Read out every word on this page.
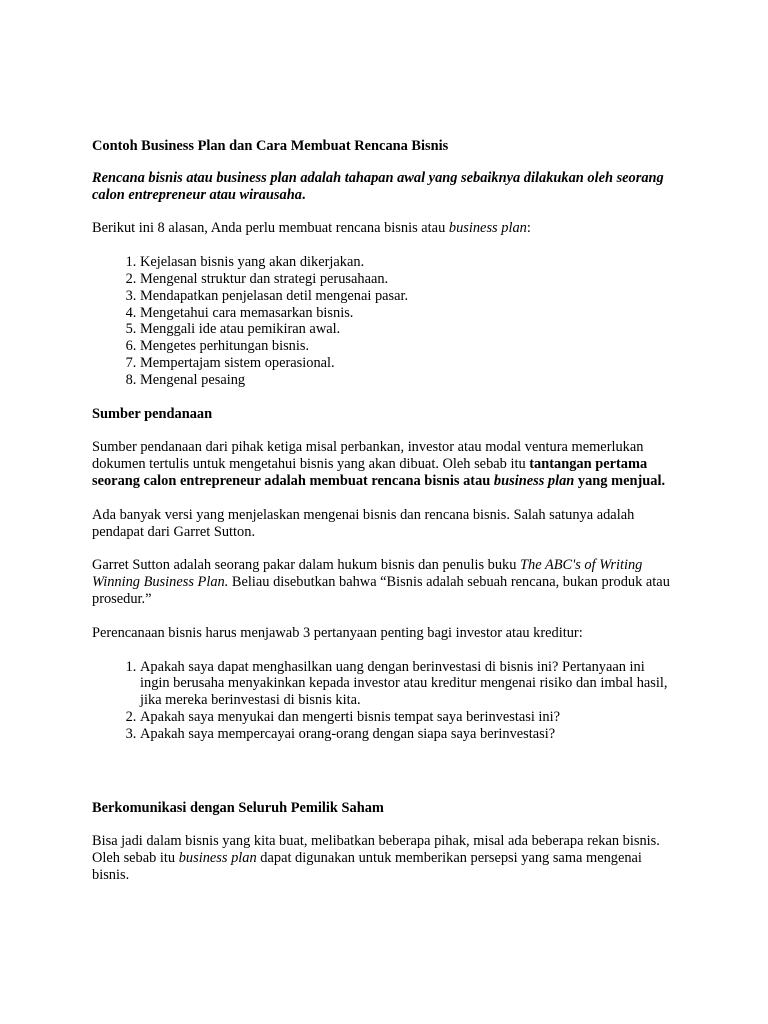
Contoh Business Plan dan Cara Membuat Rencana Bisnis

Rencana bisnis atau business plan adalah tahapan awal yang sebaiknya dilakukan oleh seorang calon entrepreneur atau wirausaha.

Berikut ini 8 alasan, Anda perlu membuat rencana bisnis atau business plan:

1. Kejelasan bisnis yang akan dikerjakan.
2. Mengenal struktur dan strategi perusahaan.
3. Mendapatkan penjelasan detil mengenai pasar.
4. Mengetahui cara memasarkan bisnis.
5. Menggali ide atau pemikiran awal.
6. Mengetes perhitungan bisnis.
7. Mempertajam sistem operasional.
8. Mengenal pesaing

Sumber pendanaan

Sumber pendanaan dari pihak ketiga misal perbankan, investor atau modal ventura memerlukan dokumen tertulis untuk mengetahui bisnis yang akan dibuat. Oleh sebab itu tantangan pertama seorang calon entrepreneur adalah membuat rencana bisnis atau business plan yang menjual.

Ada banyak versi yang menjelaskan mengenai bisnis dan rencana bisnis. Salah satunya adalah pendapat dari Garret Sutton.

Garret Sutton adalah seorang pakar dalam hukum bisnis dan penulis buku The ABC's of Writing Winning Business Plan. Beliau disebutkan bahwa “Bisnis adalah sebuah rencana, bukan produk atau prosedur.”

Perencanaan bisnis harus menjawab 3 pertanyaan penting bagi investor atau kreditur:

1. Apakah saya dapat menghasilkan uang dengan berinvestasi di bisnis ini? Pertanyaan ini ingin berusaha menyakinkan kepada investor atau kreditur mengenai risiko dan imbal hasil, jika mereka berinvestasi di bisnis kita.
2. Apakah saya menyukai dan mengerti bisnis tempat saya berinvestasi ini?
3. Apakah saya mempercayai orang-orang dengan siapa saya berinvestasi?

Berkomunikasi dengan Seluruh Pemilik Saham

Bisa jadi dalam bisnis yang kita buat, melibatkan beberapa pihak, misal ada beberapa rekan bisnis. Oleh sebab itu business plan dapat digunakan untuk memberikan persepsi yang sama mengenai bisnis.
